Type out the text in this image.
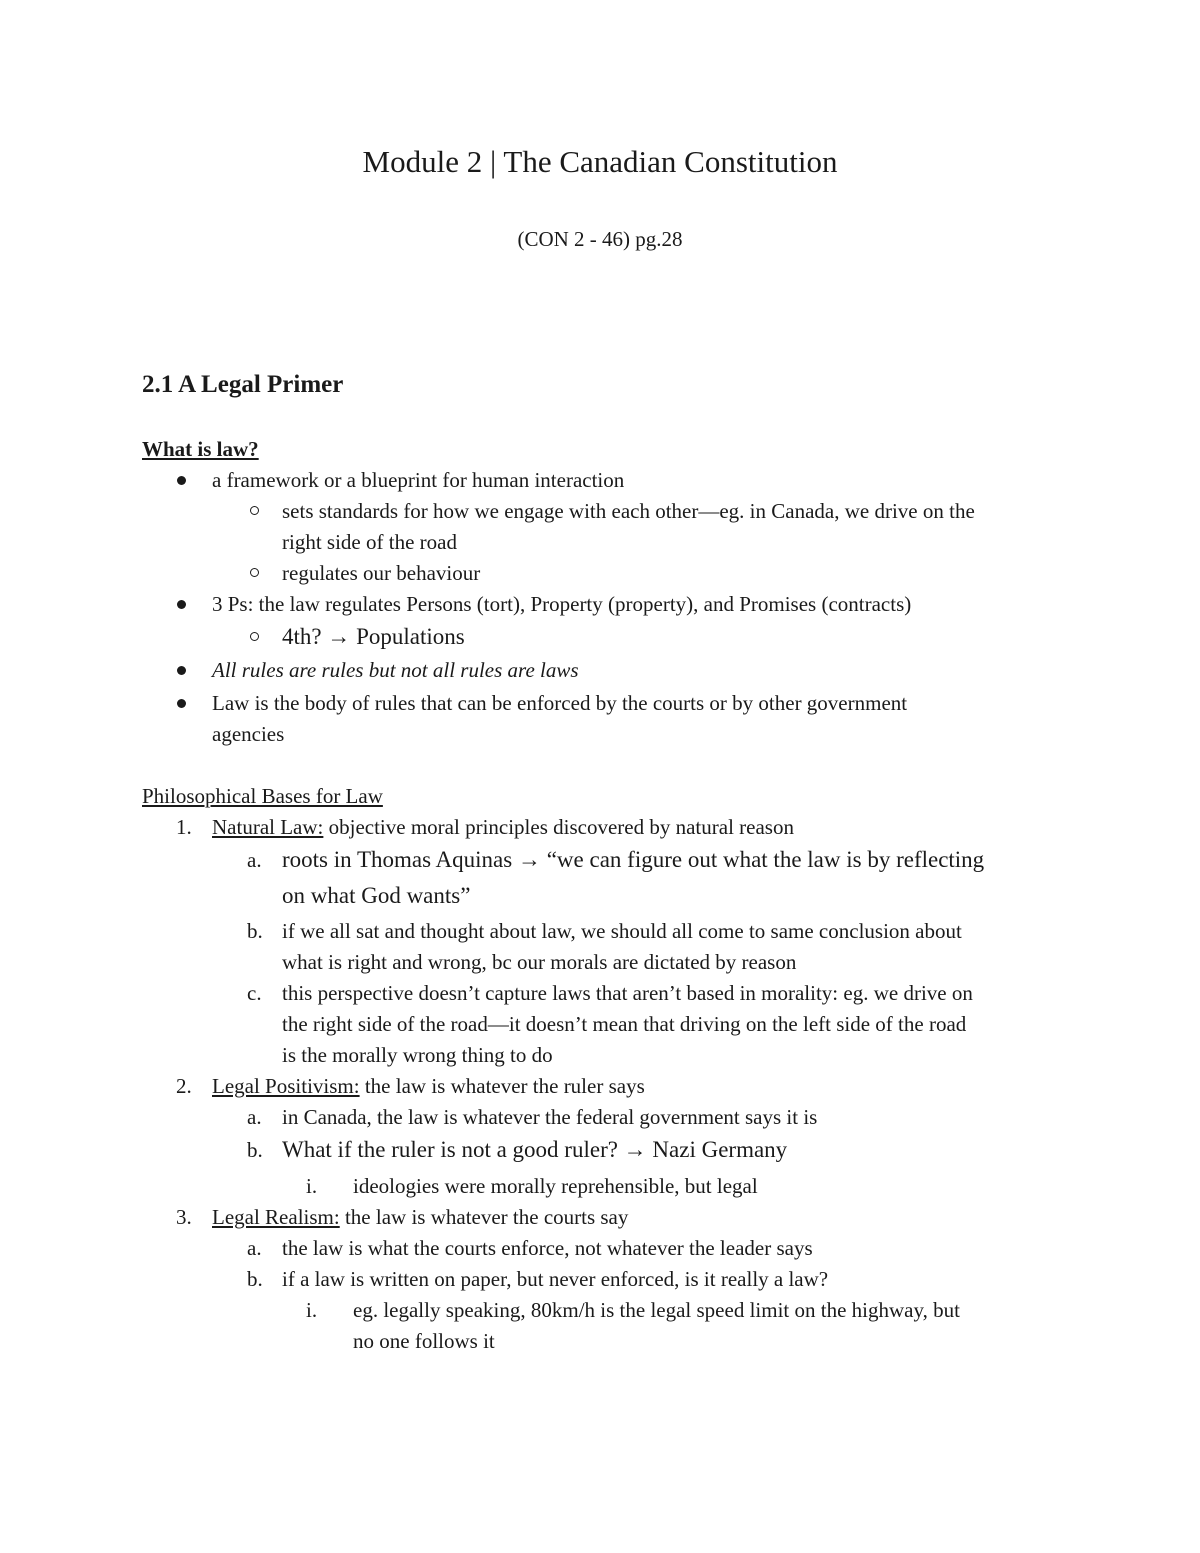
Module 2 | The Canadian Constitution
(CON 2 - 46) pg.28
2.1 A Legal Primer
What is law?
a framework or a blueprint for human interaction
sets standards for how we engage with each other—eg. in Canada, we drive on the
right side of the road
regulates our behaviour
3 Ps: the law regulates Persons (tort), Property (property), and Promises (contracts)
4th? → Populations
All rules are rules but not all rules are laws
Law is the body of rules that can be enforced by the courts or by other government
agencies
Philosophical Bases for Law
1. Natural Law: objective moral principles discovered by natural reason
a. roots in Thomas Aquinas → “we can figure out what the law is by reflecting
on what God wants”
b. if we all sat and thought about law, we should all come to same conclusion about
what is right and wrong, bc our morals are dictated by reason
c. this perspective doesn’t capture laws that aren’t based in morality: eg. we drive on
the right side of the road—it doesn’t mean that driving on the left side of the road
is the morally wrong thing to do
2. Legal Positivism: the law is whatever the ruler says
a. in Canada, the law is whatever the federal government says it is
b. What if the ruler is not a good ruler? → Nazi Germany
i. ideologies were morally reprehensible, but legal
3. Legal Realism: the law is whatever the courts say
a. the law is what the courts enforce, not whatever the leader says
b. if a law is written on paper, but never enforced, is it really a law?
i. eg. legally speaking, 80km/h is the legal speed limit on the highway, but
no one follows it
